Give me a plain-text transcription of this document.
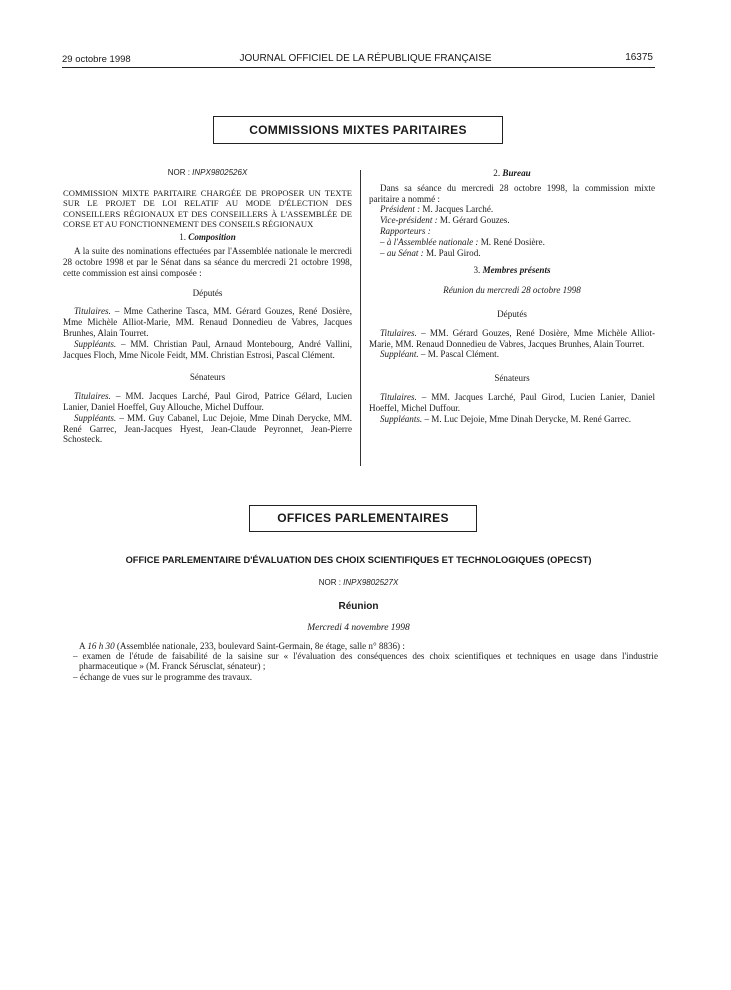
29 octobre 1998	JOURNAL OFFICIEL DE LA RÉPUBLIQUE FRANÇAISE	16375
COMMISSIONS MIXTES PARITAIRES

NOR : INPX9802526X

COMMISSION MIXTE PARITAIRE CHARGÉE DE PROPOSER UN TEXTE SUR LE PROJET DE LOI RELATIF AU MODE D'ÉLECTION DES CONSEILLERS RÉGIONAUX ET DES CONSEILLERS À L'ASSEMBLÉE DE CORSE ET AU FONCTIONNEMENT DES CONSEILS RÉGIONAUX

1. Composition

A la suite des nominations effectuées par l'Assemblée nationale le mercredi 28 octobre 1998 et par le Sénat dans sa séance du mercredi 21 octobre 1998, cette commission est ainsi composée :

Députés

Titulaires. – Mme Catherine Tasca, MM. Gérard Gouzes, René Dosière, Mme Michèle Alliot-Marie, MM. Renaud Donnedieu de Vabres, Jacques Brunhes, Alain Tourret.

Suppléants. – MM. Christian Paul, Arnaud Montebourg, André Vallini, Jacques Floch, Mme Nicole Feidt, MM. Christian Estrosi, Pascal Clément.

Sénateurs

Titulaires. – MM. Jacques Larché, Paul Girod, Patrice Gélard, Lucien Lanier, Daniel Hoeffel, Guy Allouche, Michel Duffour.

Suppléants. – MM. Guy Cabanel, Luc Dejoie, Mme Dinah Derycke, MM. René Garrec, Jean-Jacques Hyest, Jean-Claude Peyronnet, Jean-Pierre Schosteck.

2. Bureau

Dans sa séance du mercredi 28 octobre 1998, la commission mixte paritaire a nommé :

Président : M. Jacques Larché.

Vice-président : M. Gérard Gouzes.

Rapporteurs :

– à l'Assemblée nationale : M. René Dosière.

– au Sénat : M. Paul Girod.

3. Membres présents

Réunion du mercredi 28 octobre 1998

Députés

Titulaires. – MM. Gérard Gouzes, René Dosière, Mme Michèle Alliot-Marie, MM. Renaud Donnedieu de Vabres, Jacques Brunhes, Alain Tourret.

Suppléant. – M. Pascal Clément.

Sénateurs

Titulaires. – MM. Jacques Larché, Paul Girod, Lucien Lanier, Daniel Hoeffel, Michel Duffour.

Suppléants. – M. Luc Dejoie, Mme Dinah Derycke, M. René Garrec.

OFFICES PARLEMENTAIRES
OFFICE PARLEMENTAIRE D'ÉVALUATION DES CHOIX SCIENTIFIQUES ET TECHNOLOGIQUES (OPECST)
NOR : INPX9802527X
Réunion
Mercredi 4 novembre 1998

A 16 h 30 (Assemblée nationale, 233, boulevard Saint-Germain, 8e étage, salle n° 8836) :

– examen de l'étude de faisabilité de la saisine sur « l'évaluation des conséquences des choix scientifiques et techniques en usage dans l'industrie pharmaceutique » (M. Franck Sérusclat, sénateur) ;

– échange de vues sur le programme des travaux.
